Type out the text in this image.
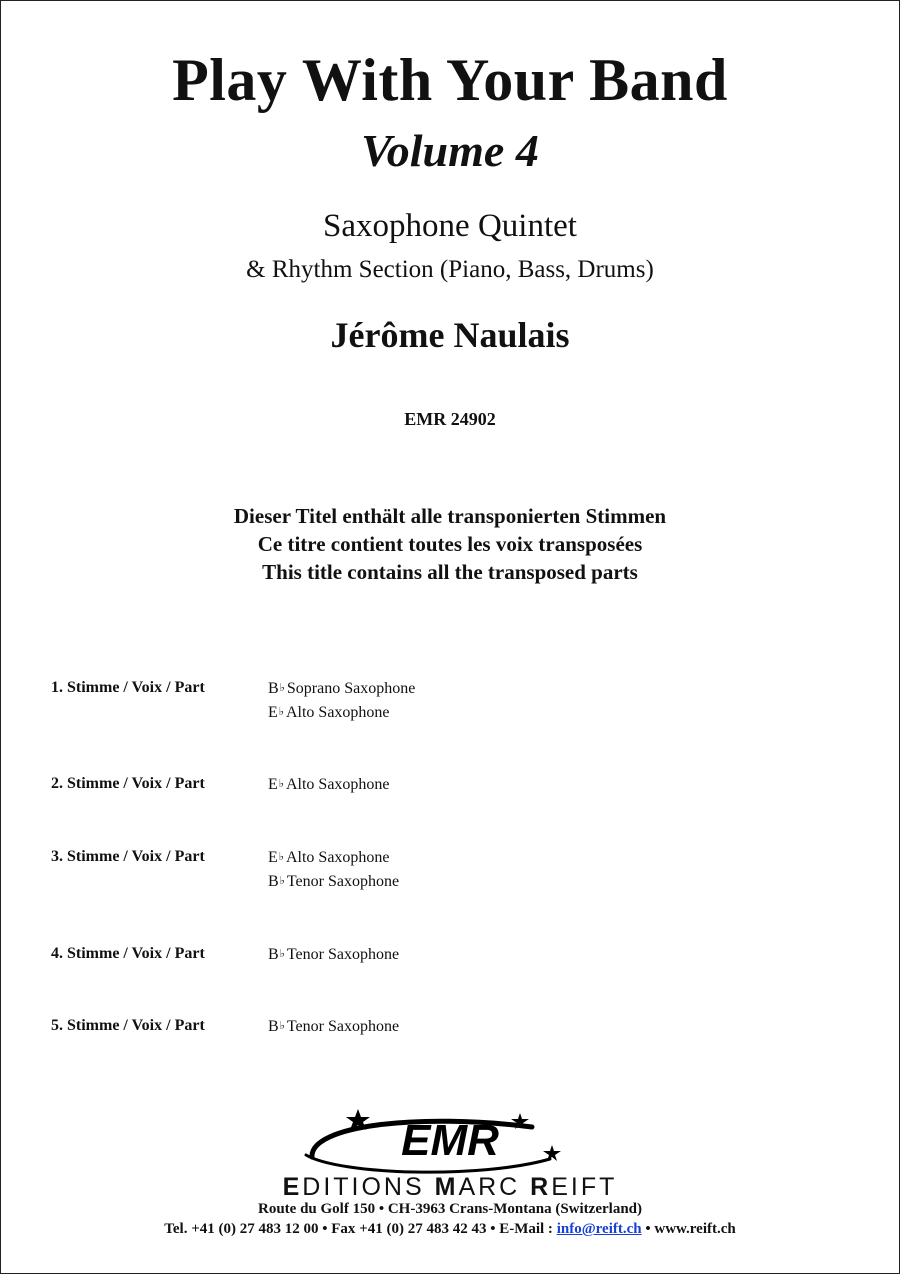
Play With Your Band
Volume 4
Saxophone Quintet
& Rhythm Section (Piano, Bass, Drums)
Jérôme Naulais
EMR 24902
Dieser Titel enthält alle transponierten Stimmen
Ce titre contient toutes les voix transposées
This title contains all the transposed parts
1. Stimme / Voix / Part	B♭ Soprano Saxophone
E♭ Alto Saxophone
2. Stimme / Voix / Part	E♭ Alto Saxophone
3. Stimme / Voix / Part	E♭ Alto Saxophone
B♭ Tenor Saxophone
4. Stimme / Voix / Part	B♭ Tenor Saxophone
5. Stimme / Voix / Part	B♭ Tenor Saxophone
EMR
EDITIONS MARC REIFT
Route du Golf 150 • CH-3963 Crans-Montana (Switzerland)
Tel. +41 (0) 27 483 12 00 • Fax +41 (0) 27 483 42 43 • E-Mail : info@reift.ch • www.reift.ch
